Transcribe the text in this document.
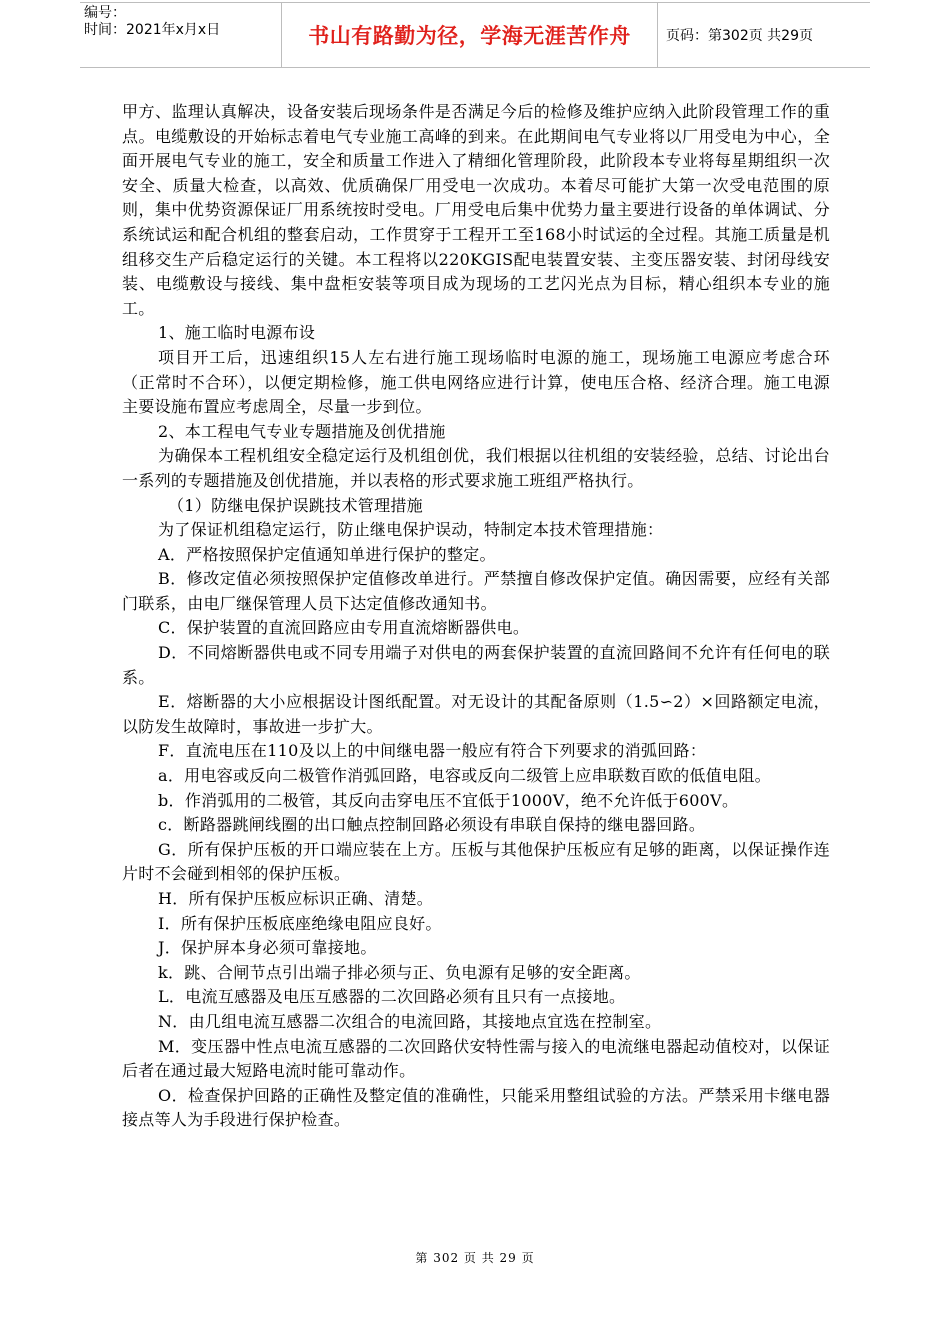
编号：
时间：2021年x月x日	书山有路勤为径，学海无涯苦作舟	页码：第302页 共29页

甲方、监理认真解决，设备安装后现场条件是否满足今后的检修及维护应纳入此阶段管理工作的重点。电缆敷设的开始标志着电气专业施工高峰的到来。在此期间电气专业将以厂用受电为中心，全面开展电气专业的施工，安全和质量工作进入了精细化管理阶段，此阶段本专业将每星期组织一次安全、质量大检查，以高效、优质确保厂用受电一次成功。本着尽可能扩大第一次受电范围的原则，集中优势资源保证厂用系统按时受电。厂用受电后集中优势力量主要进行设备的单体调试、分系统试运和配合机组的整套启动，工作贯穿于工程开工至168小时试运的全过程。其施工质量是机组移交生产后稳定运行的关键。本工程将以220KGIS配电装置安装、主变压器安装、封闭母线安装、电缆敷设与接线、集中盘柜安装等项目成为现场的工艺闪光点为目标，精心组织本专业的施工。

1、施工临时电源布设

项目开工后，迅速组织15人左右进行施工现场临时电源的施工，现场施工电源应考虑合环（正常时不合环），以便定期检修，施工供电网络应进行计算，使电压合格、经济合理。施工电源主要设施布置应考虑周全，尽量一步到位。

2、本工程电气专业专题措施及创优措施

为确保本工程机组安全稳定运行及机组创优，我们根据以往机组的安装经验，总结、讨论出台一系列的专题措施及创优措施，并以表格的形式要求施工班组严格执行。

（1）防继电保护误跳技术管理措施

为了保证机组稳定运行，防止继电保护误动，特制定本技术管理措施：

A．严格按照保护定值通知单进行保护的整定。

B．修改定值必须按照保护定值修改单进行。严禁擅自修改保护定值。确因需要，应经有关部门联系，由电厂继保管理人员下达定值修改通知书。

C．保护装置的直流回路应由专用直流熔断器供电。

D．不同熔断器供电或不同专用端子对供电的两套保护装置的直流回路间不允许有任何电的联系。

E．熔断器的大小应根据设计图纸配置。对无设计的其配备原则（1.5∽2）×回路额定电流，以防发生故障时，事故进一步扩大。

F．直流电压在110及以上的中间继电器一般应有符合下列要求的消弧回路：

a．用电容或反向二极管作消弧回路，电容或反向二级管上应串联数百欧的低值电阻。

b．作消弧用的二极管，其反向击穿电压不宜低于1000V，绝不允许低于600V。

c．断路器跳闸线圈的出口触点控制回路必须设有串联自保持的继电器回路。

G．所有保护压板的开口端应装在上方。压板与其他保护压板应有足够的距离，以保证操作连片时不会碰到相邻的保护压板。

H．所有保护压板应标识正确、清楚。

I．所有保护压板底座绝缘电阻应良好。

J．保护屏本身必须可靠接地。

k．跳、合闸节点引出端子排必须与正、负电源有足够的安全距离。

L．电流互感器及电压互感器的二次回路必须有且只有一点接地。

N．由几组电流互感器二次组合的电流回路，其接地点宜选在控制室。

M．变压器中性点电流互感器的二次回路伏安特性需与接入的电流继电器起动值校对，以保证后者在通过最大短路电流时能可靠动作。

O．检查保护回路的正确性及整定值的准确性，只能采用整组试验的方法。严禁采用卡继电器接点等人为手段进行保护检查。

第 302 页 共 29 页
